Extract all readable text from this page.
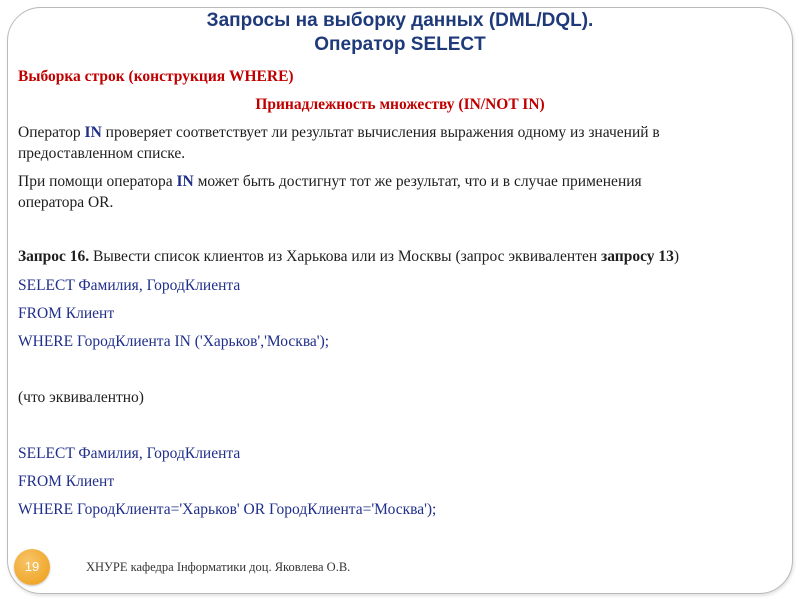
Запросы на выборку данных (DML/DQL).
Оператор SELECT
Выборка строк (конструкция WHERE)
Принадлежность множеству (IN/NOT IN)
Оператор IN проверяет соответствует ли результат вычисления выражения одному из значений в
предоставленном списке.
При помощи оператора IN может быть достигнут тот же результат, что и в случае применения
оператора OR.
Запрос 16. Вывести список клиентов из Харькова или из Москвы (запрос эквивалентен запросу 13)
SELECT Фамилия, ГородКлиента
FROM Клиент
WHERE ГородКлиента IN ('Харьков','Москва');
(что эквивалентно)
SELECT Фамилия, ГородКлиента
FROM Клиент
WHERE ГородКлиента='Харьков' OR ГородКлиента='Москва');
19	ХНУРЕ кафедра Інформатики доц. Яковлева О.В.
